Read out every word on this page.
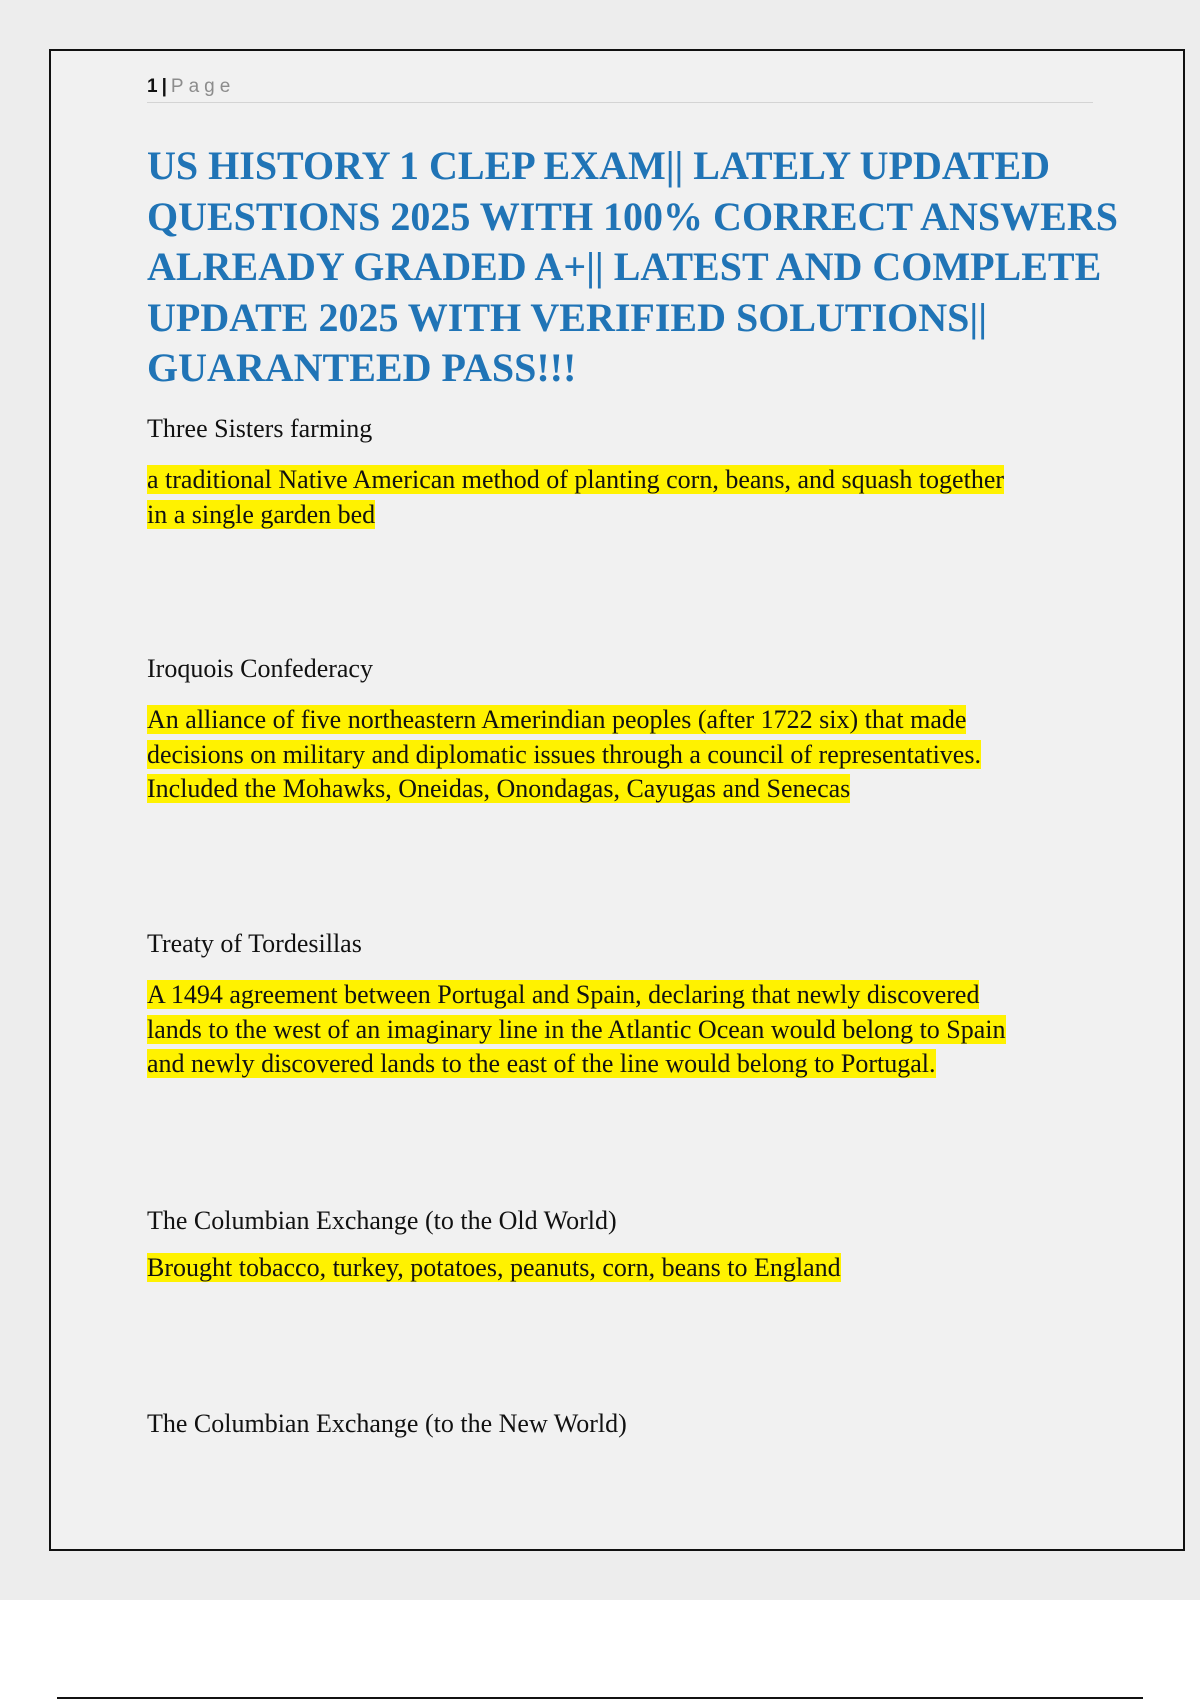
1 | Page
US HISTORY 1 CLEP EXAM|| LATELY UPDATED QUESTIONS 2025 WITH 100% CORRECT ANSWERS ALREADY GRADED A+|| LATEST AND COMPLETE UPDATE 2025 WITH VERIFIED SOLUTIONS|| GUARANTEED PASS!!!
Three Sisters farming
a traditional Native American method of planting corn, beans, and squash together
in a single garden bed
Iroquois Confederacy
An alliance of five northeastern Amerindian peoples (after 1722 six) that made
decisions on military and diplomatic issues through a council of representatives.
Included the Mohawks, Oneidas, Onondagas, Cayugas and Senecas
Treaty of Tordesillas
A 1494 agreement between Portugal and Spain, declaring that newly discovered
lands to the west of an imaginary line in the Atlantic Ocean would belong to Spain
and newly discovered lands to the east of the line would belong to Portugal.
The Columbian Exchange (to the Old World)
Brought tobacco, turkey, potatoes, peanuts, corn, beans to England
The Columbian Exchange (to the New World)
